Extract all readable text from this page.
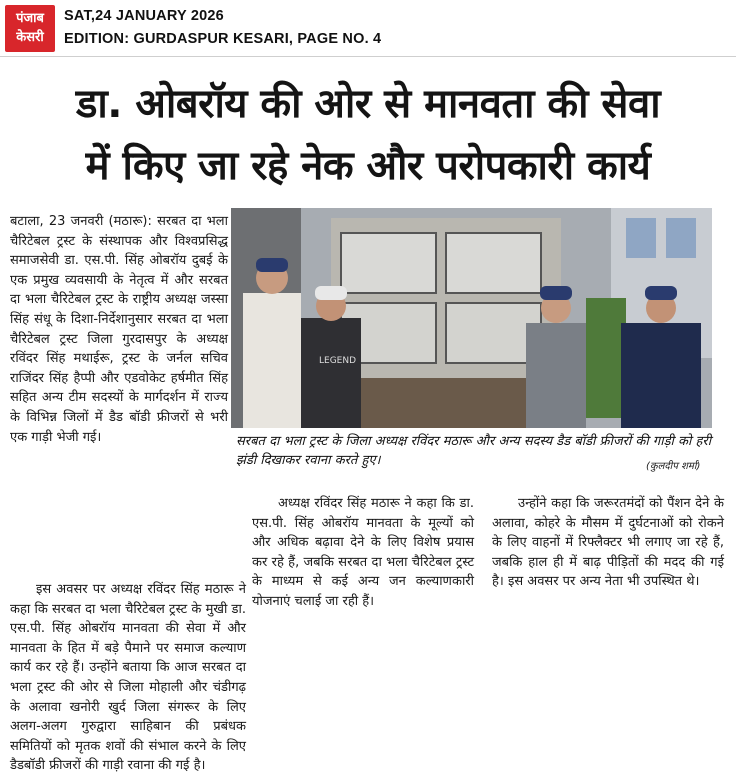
पंजाब
केसरी
SAT,24 JANUARY 2026
EDITION: GURDASPUR KESARI, PAGE NO. 4
डा. ओबरॉय की ओर से मानवता की सेवा
में किए जा रहे नेक और परोपकारी कार्य
LEGEND
सरबत दा भला ट्रस्ट के जिला अध्यक्ष रविंदर मठारू और अन्य सदस्य डैड बॉडी फ्रीजरों की गाड़ी को हरी झंडी दिखाकर रवाना करते हुए।	(कुलदीप शर्मा)

बटाला, 23 जनवरी (मठारू): सरबत दा भला चैरिटेबल ट्रस्ट के संस्थापक और विश्वप्रसिद्ध समाजसेवी डा. एस.पी. सिंह ओबरॉय दुबई के एक प्रमुख व्यवसायी के नेतृत्व में और सरबत दा भला चैरिटेबल ट्रस्ट के राष्ट्रीय अध्यक्ष जस्सा सिंह संधू के दिशा-निर्देशानुसार सरबत दा भला चैरिटेबल ट्रस्ट जिला गुरदासपुर के अध्यक्ष रविंदर सिंह मथाईरू, ट्रस्ट के जर्नल सचिव राजिंदर सिंह हैप्पी और एडवोकेट हर्षमीत सिंह सहित अन्य टीम सदस्यों के मार्गदर्शन में राज्य के विभिन्न जिलों में डैड बॉडी फ्रीजरों से भरी एक गाड़ी भेजी गई।

इस अवसर पर अध्यक्ष रविंदर सिंह मठारू ने कहा कि सरबत दा भला चैरिटेबल ट्रस्ट के मुखी डा. एस.पी. सिंह ओबरॉय मानवता की सेवा में और मानवता के हित में बड़े पैमाने पर समाज कल्याण कार्य कर रहे हैं। उन्होंने बताया कि आज सरबत दा भला ट्रस्ट की ओर से जिला मोहाली और चंडीगढ़ के अलावा खनोरी खुर्द जिला संगरूर के लिए अलग-अलग गुरुद्वारा साहिबान की प्रबंधक समितियों को मृतक शवों की संभाल करने के लिए डैडबॉडी फ्रीजरों की गाड़ी रवाना की गई है।

अध्यक्ष रविंदर सिंह मठारू ने कहा कि डा. एस.पी. सिंह ओबरॉय मानवता के मूल्यों को और अधिक बढ़ावा देने के लिए विशेष प्रयास कर रहे हैं, जबकि सरबत दा भला चैरिटेबल ट्रस्ट के माध्यम से कई अन्य जन कल्याणकारी योजनाएं चलाई जा रही हैं।

उन्होंने कहा कि जरूरतमंदों को पैंशन देने के अलावा, कोहरे के मौसम में दुर्घटनाओं को रोकने के लिए वाहनों में रिफ्लैक्टर भी लगाए जा रहे हैं, जबकि हाल ही में बाढ़ पीड़ितों की मदद की गई है। इस अवसर पर अन्य नेता भी उपस्थित थे।
